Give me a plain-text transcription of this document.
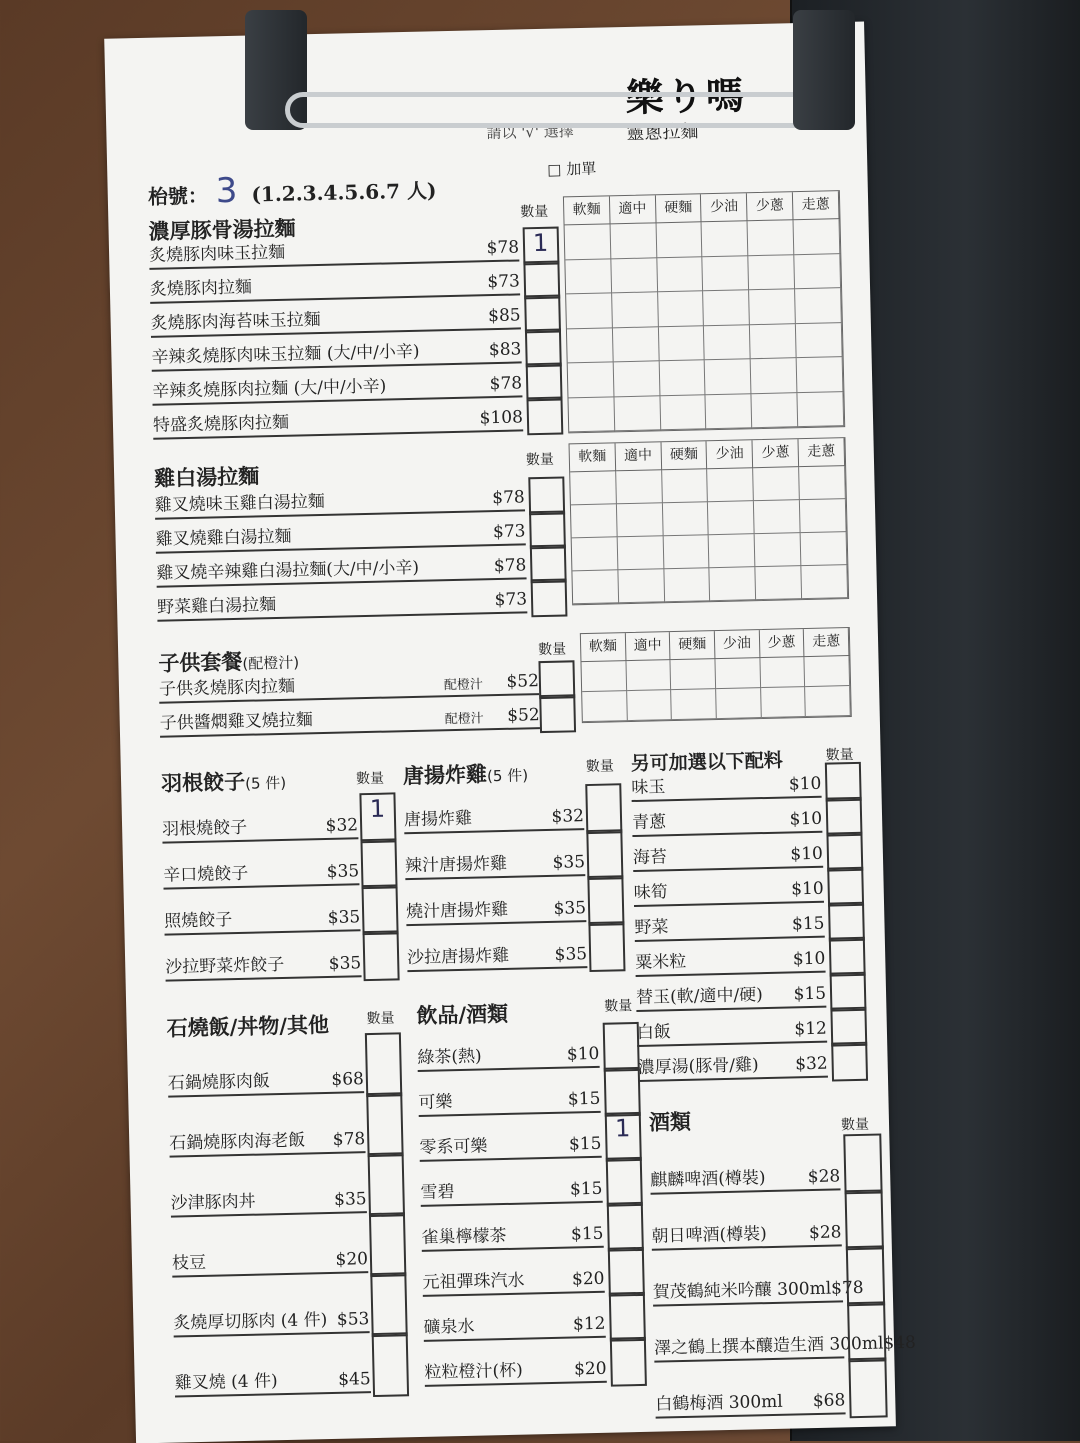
樂り嗎
靈蔥拉麵
請以 '√' 選擇
枱號： 3 (1.2.3.4.5.6.7 人)
□ 加單
濃厚豚骨湯拉麵
炙燒豚肉味玉拉麵	$78 1
炙燒豚肉拉麵	$73
炙燒豚肉海苔味玉拉麵	$85
辛辣炙燒豚肉味玉拉麵 (大/中/小辛)	$83
辛辣炙燒豚肉拉麵 (大/中/小辛)	$78
特盛炙燒豚肉拉麵	$108
數量	軟麵	適中	硬麵	少油	少蔥	走蔥
雞白湯拉麵
雞叉燒味玉雞白湯拉麵	$78
雞叉燒雞白湯拉麵	$73
雞叉燒辛辣雞白湯拉麵(大/中/小辛)	$78
野菜雞白湯拉麵	$73
數量	軟麵	適中	硬麵	少油	少蔥	走蔥
子供套餐(配橙汁)
子供炙燒豚肉拉麵	配橙汁	$52
子供醬燜雞叉燒拉麵	配橙汁	$52
數量	軟麵	適中	硬麵	少油	少蔥	走蔥
羽根餃子(5 件)	數量
羽根燒餃子	$32
1
辛口燒餃子	$35
照燒餃子	$35
沙拉野菜炸餃子	$35
唐揚炸雞(5 件)	數量
唐揚炸雞	$32
辣汁唐揚炸雞	$35
燒汁唐揚炸雞	$35
沙拉唐揚炸雞	$35
另可加選以下配料	數量
味玉	$10
青蔥	$10
海苔	$10
味筍	$10
野菜	$15
粟米粒	$10
替玉(軟/適中/硬)	$15
白飯	$12
濃厚湯(豚骨/雞)	$32
石燒飯/丼物/其他	數量
石鍋燒豚肉飯	$68
石鍋燒豚肉海老飯	$78
沙津豚肉丼	$35
枝豆	$20
炙燒厚切豚肉 (4 件) $53
雞叉燒 (4 件)	$45
飲品/酒類	數量
綠茶(熱)	$10
可樂	$15
零系可樂	$15
1
雪碧	$15
雀巢檸檬茶	$15
元祖彈珠汽水	$20
礦泉水	$12
粒粒橙汁(杯)	$20
酒類	數量
麒麟啤酒(樽裝)	$28
朝日啤酒(樽裝)	$28
賀茂鶴純米吟釀 300ml $78
澤之鶴上撰本釀造生酒 300ml $48
白鶴梅酒 300ml	$68
